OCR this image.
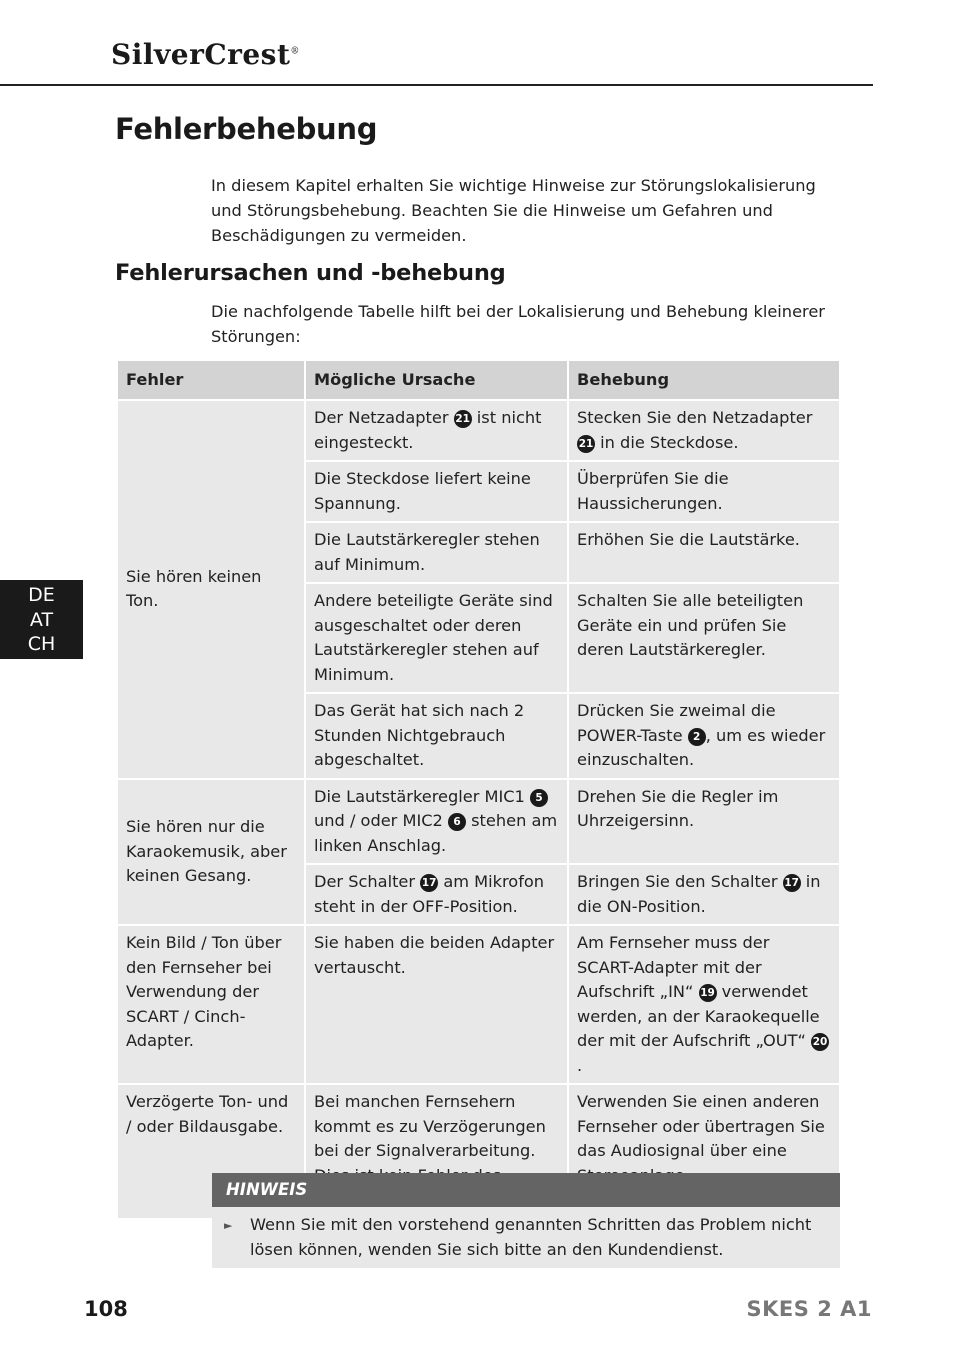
SilverCrest®
Fehlerbehebung
In diesem Kapitel erhalten Sie wichtige Hinweise zur Störungslokalisierung und Störungsbehebung. Beachten Sie die Hinweise um Gefahren und Beschädigungen zu vermeiden.
Fehlerursachen und -behebung
Die nachfolgende Tabelle hilft bei der Lokalisierung und Behebung kleinerer Störungen:
DE
AT
CH
Fehler	Mögliche Ursache	Behebung
Sie hören keinen Ton.	Der Netzadapter 21 ist nicht eingesteckt.	Stecken Sie den Netzadapter 21 in die Steckdose.
	Die Steckdose liefert keine Spannung.	Überprüfen Sie die Haussicherungen.
	Die Lautstärkeregler stehen auf Minimum.	Erhöhen Sie die Lautstärke.
	Andere beteiligte Geräte sind ausgeschaltet oder deren Lautstärkeregler stehen auf Minimum.	Schalten Sie alle beteiligten Geräte ein und prüfen Sie deren Lautstärkeregler.
	Das Gerät hat sich nach 2 Stunden Nichtgebrauch abgeschaltet.	Drücken Sie zweimal die POWER-Taste 2 , um es wieder einzuschalten.
Sie hören nur die Karaokemusik, aber keinen Gesang.	Die Lautstärkeregler MIC1 5 und / oder MIC2 6 stehen am linken Anschlag.	Drehen Sie die Regler im Uhrzeigersinn.
	Der Schalter 17 am Mikrofon steht in der OFF-Position.	Bringen Sie den Schalter 17 in die ON-Position.
Kein Bild / Ton über den Fernseher bei Verwendung der SCART / Cinch-Adapter.	Sie haben die beiden Adapter vertauscht.	Am Fernseher muss der SCART-Adapter mit der Aufschrift „IN“ 19 verwendet werden, an der Karaokequelle der mit der Aufschrift „OUT“ 20.
Verzögerte Ton- und / oder Bildausgabe.	Bei manchen Fernsehern kommt es zu Verzögerungen bei der Signalverarbeitung.	Verwenden Sie einen anderen Fernseher oder übertragen Sie das Audiosignal über eine
HINWEIS
► Wenn Sie mit den vorstehend genannten Schritten das Problem nicht lösen können, wenden Sie sich bitte an den Kundendienst.
108	SKES 2 A1
